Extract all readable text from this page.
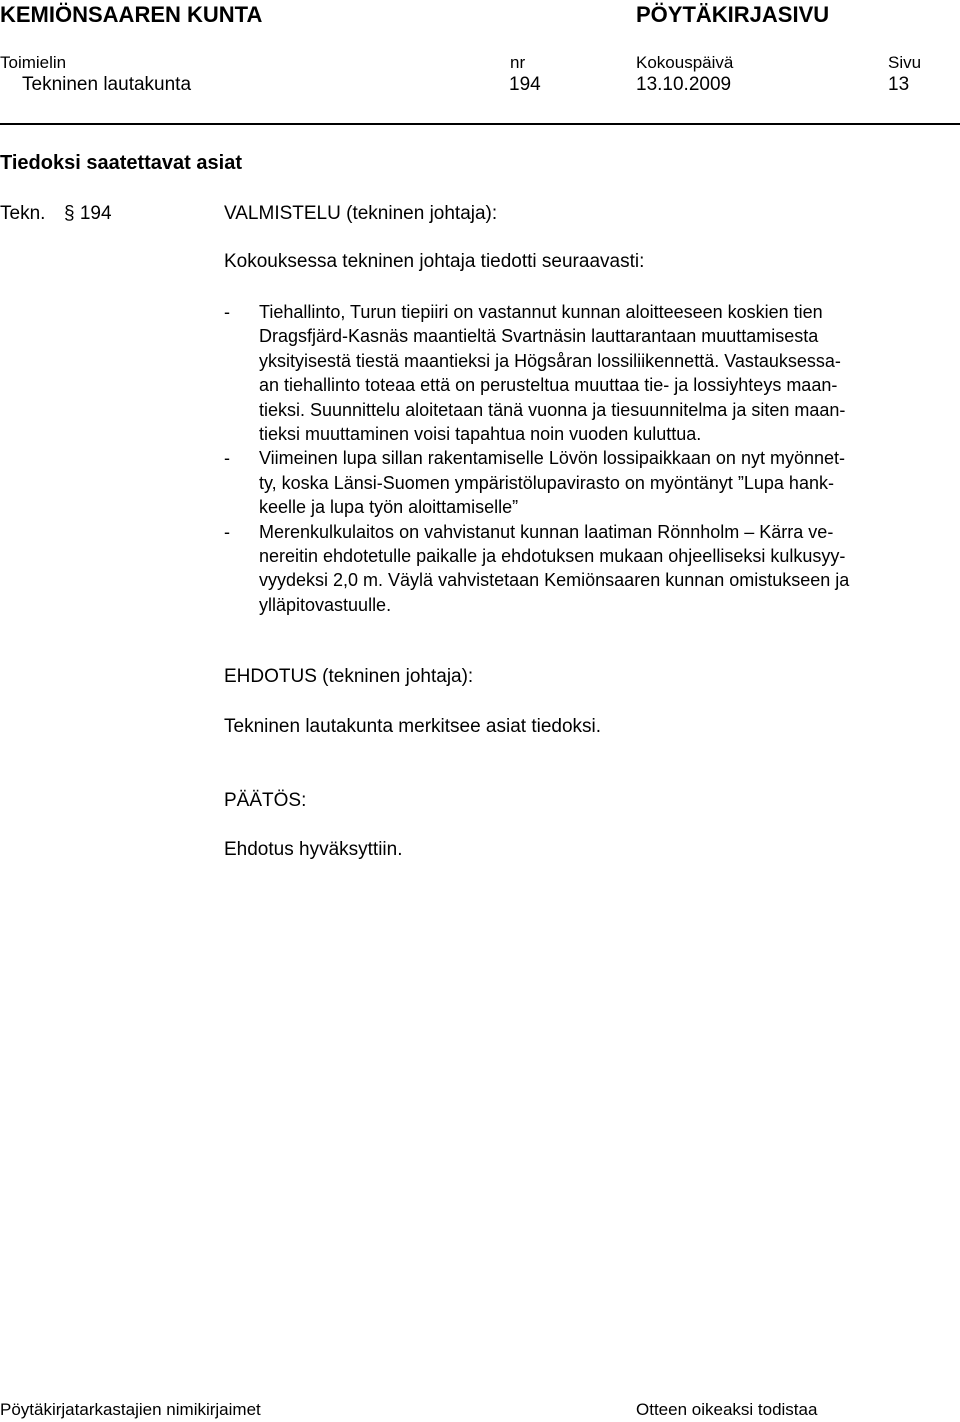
KEMIÖNSAAREN KUNTA	PÖYTÄKIRJASIVU
Toimielin	nr	Kokouspäivä	Sivu
Tekninen lautakunta	194	13.10.2009	13
Tiedoksi saatettavat asiat
Tekn. § 194	VALMISTELU (tekninen johtaja):
Kokouksessa tekninen johtaja tiedotti seuraavasti:
-	Tiehallinto, Turun tiepiiri on vastannut kunnan aloitteeseen koskien tien
Dragsfjärd-Kasnäs maantieltä Svartnäsin lauttarantaan muuttamisesta
yksityisestä tiestä maantieksi ja Högsåran lossiliikennettä. Vastauksessa-
an tiehallinto toteaa että on perusteltua muuttaa tie- ja lossiyhteys maan-
tieksi. Suunnittelu aloitetaan tänä vuonna ja tiesuunnitelma ja siten maan-
tieksi muuttaminen voisi tapahtua noin vuoden kuluttua.
-	Viimeinen lupa sillan rakentamiselle Lövön lossipaikkaan on nyt myönnet-
ty, koska Länsi-Suomen ympäristölupavirasto on myöntänyt ”Lupa hank-
keelle ja lupa työn aloittamiselle”
-	Merenkulkulaitos on vahvistanut kunnan laatiman Rönnholm – Kärra ve-
nereitin ehdotetulle paikalle ja ehdotuksen mukaan ohjeelliseksi kulkusyy-
vyydeksi 2,0 m. Väylä vahvistetaan Kemiönsaaren kunnan omistukseen ja
ylläpitovastuulle.
EHDOTUS (tekninen johtaja):
Tekninen lautakunta merkitsee asiat tiedoksi.
PÄÄTÖS:
Ehdotus hyväksyttiin.
Pöytäkirjatarkastajien nimikirjaimet	Otteen oikeaksi todistaa
